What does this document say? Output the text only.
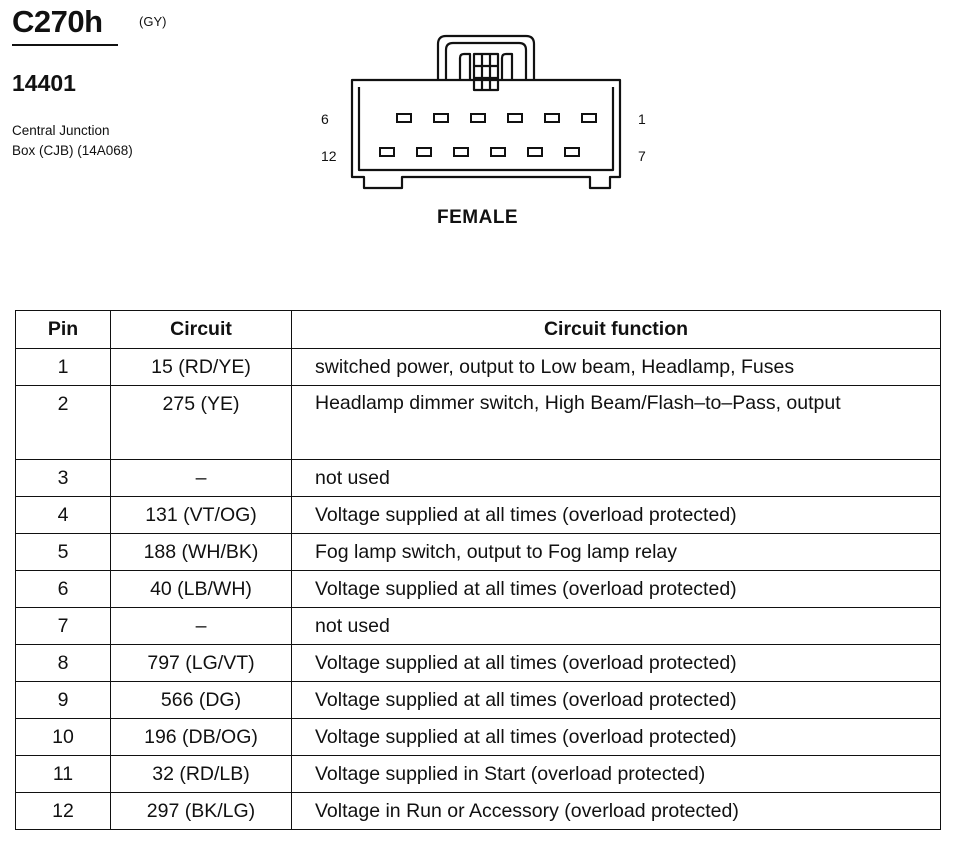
C270h	(GY)
14401
Central Junction
Box (CJB) (14A068)
6	1
12	7
FEMALE
Pin	Circuit	Circuit function
1	15 (RD/YE)	switched power, output to Low beam, Headlamp, Fuses
2	275 (YE)	Headlamp dimmer switch, High Beam/Flash–to–Pass, output
3	–	not used
4	131 (VT/OG)	Voltage supplied at all times (overload protected)
5	188 (WH/BK)	Fog lamp switch, output to Fog lamp relay
6	40 (LB/WH)	Voltage supplied at all times (overload protected)
7	–	not used
8	797 (LG/VT)	Voltage supplied at all times (overload protected)
9	566 (DG)	Voltage supplied at all times (overload protected)
10	196 (DB/OG)	Voltage supplied at all times (overload protected)
11	32 (RD/LB)	Voltage supplied in Start (overload protected)
12	297 (BK/LG)	Voltage in Run or Accessory (overload protected)
